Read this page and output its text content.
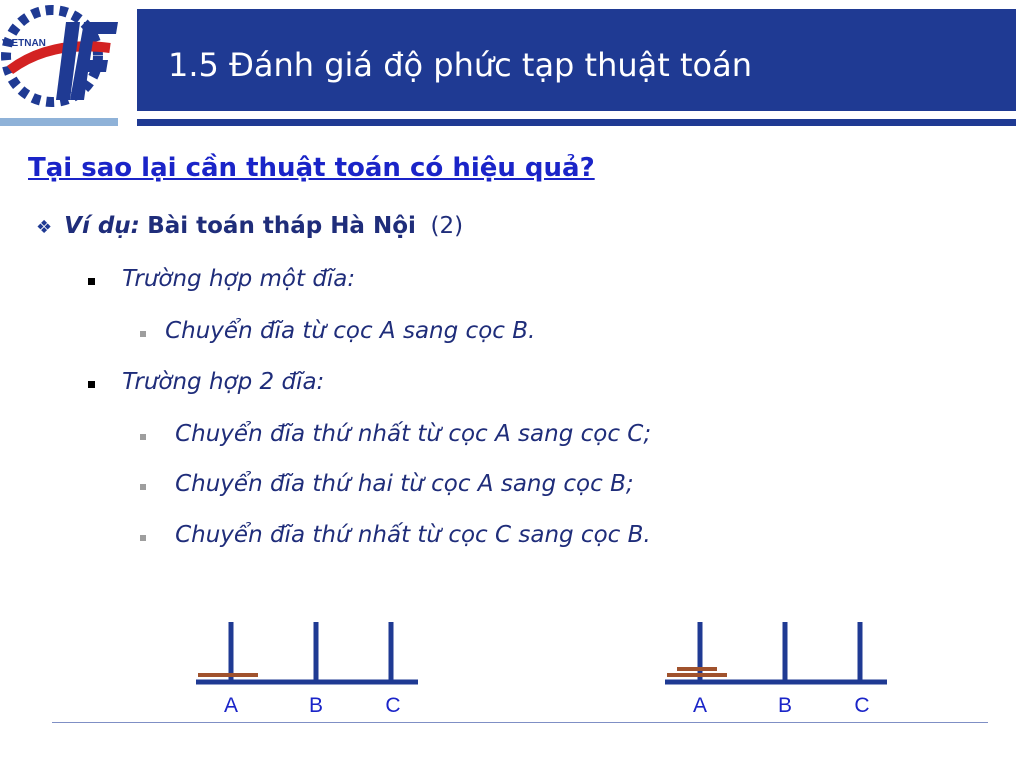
VIETNAN
1.5 Đánh giá độ phức tạp thuật toán
Tại sao lại cần thuật toán có hiệu quả?
❖ Ví dụ: Bài toán tháp Hà Nội (2)
Trường hợp một đĩa:
Chuyển đĩa từ cọc A sang cọc B.
Trường hợp 2 đĩa:
Chuyển đĩa thứ nhất từ cọc A sang cọc C;
Chuyển đĩa thứ hai từ cọc A sang cọc B;
Chuyển đĩa thứ nhất từ cọc C sang cọc B.
A	B	C	A	B	C
